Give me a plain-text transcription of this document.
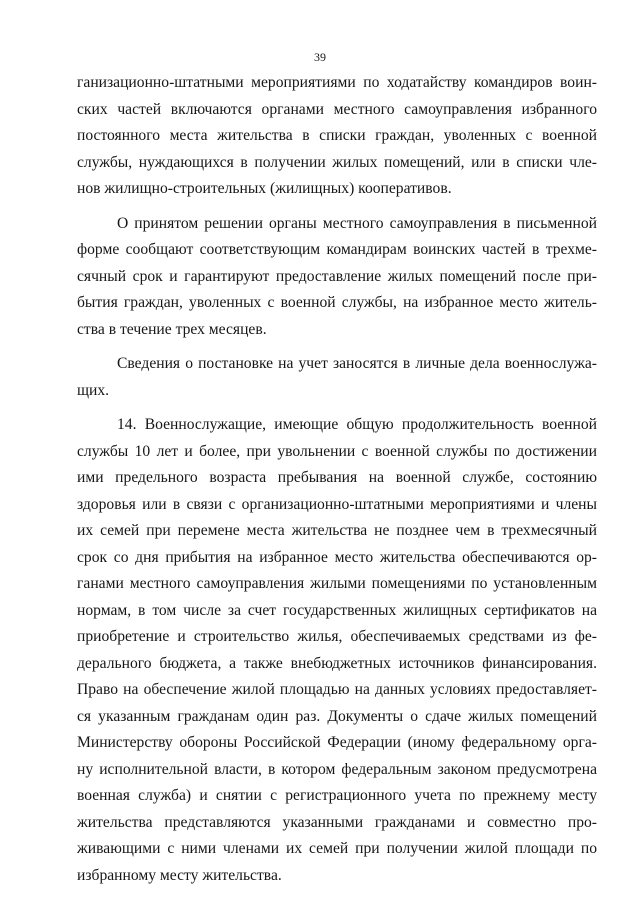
39
ганизационно-штатными мероприятиями по ходатайству командиров воин-
ских частей включаются органами местного самоуправления избранного
постоянного места жительства в списки граждан, уволенных с военной
службы, нуждающихся в получении жилых помещений, или в списки чле-
нов жилищно-строительных (жилищных) кооперативов.
О принятом решении органы местного самоуправления в письменной
форме сообщают соответствующим командирам воинских частей в трехме-
сячный срок и гарантируют предоставление жилых помещений после при-
бытия граждан, уволенных с военной службы, на избранное место житель-
ства в течение трех месяцев.
Сведения о постановке на учет заносятся в личные дела военнослужа-
щих.
14. Военнослужащие, имеющие общую продолжительность военной
службы 10 лет и более, при увольнении с военной службы по достижении
ими предельного возраста пребывания на военной службе, состоянию
здоровья или в связи с организационно-штатными мероприятиями и члены
их семей при перемене места жительства не позднее чем в трехмесячный
срок со дня прибытия на избранное место жительства обеспечиваются ор-
ганами местного самоуправления жилыми помещениями по установленным
нормам, в том числе за счет государственных жилищных сертификатов на
приобретение и строительство жилья, обеспечиваемых средствами из фе-
дерального бюджета, а также внебюджетных источников финансирования.
Право на обеспечение жилой площадью на данных условиях предоставляет-
ся указанным гражданам один раз. Документы о сдаче жилых помещений
Министерству обороны Российской Федерации (иному федеральному орга-
ну исполнительной власти, в котором федеральным законом предусмотрена
военная служба) и снятии с регистрационного учета по прежнему месту
жительства представляются указанными гражданами и совместно про-
живающими с ними членами их семей при получении жилой площади по
избранному месту жительства.
